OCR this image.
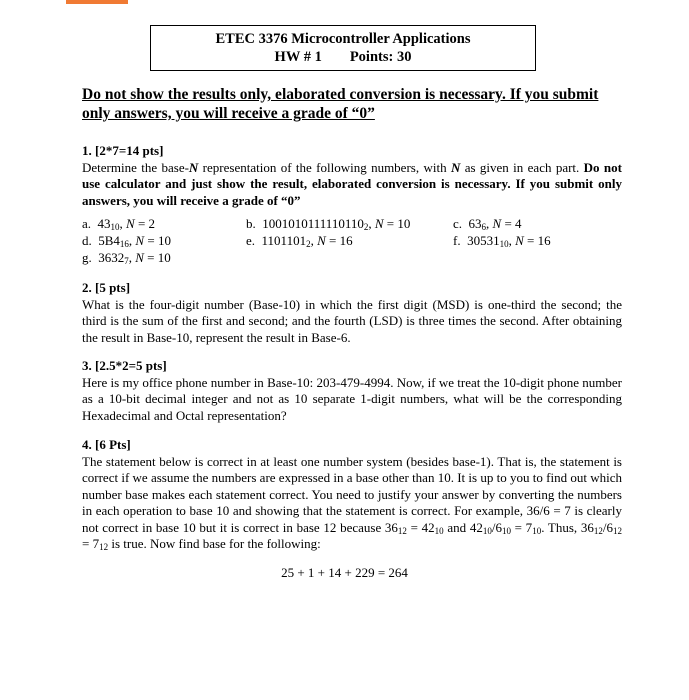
ETEC 3376 Microcontroller Applications
HW # 1 Points: 30
Do not show the results only, elaborated conversion is necessary. If you submit only answers, you will receive a grade of “0”
1. [2*7=14 pts]
Determine the base-N representation of the following numbers, with N as given in each part. Do not use calculator and just show the result, elaborated conversion is necessary. If you submit only answers, you will receive a grade of “0”
a. $43_{10}$, N = 2
d. $5B4_{16}$, N = 10
g. $3632_7$, N = 10
b. $1001010111110110_2$, N = 10
e. $1101101_2$, N = 16
c. $63_6$, N = 4
f. $30531_{10}$, N = 16
2. [5 pts]
What is the four-digit number (Base-10) in which the first digit (MSD) is one-third the second; the third is the sum of the first and second; and the fourth (LSD) is three times the second. After obtaining the result in Base-10, represent the result in Base-6.
3. [2.5*2=5 pts]
Here is my office phone number in Base-10: 203-479-4994. Now, if we treat the 10-digit phone number as a 10-bit decimal integer and not as 10 separate 1-digit numbers, what will be the corresponding Hexadecimal and Octal representation?
4. [6 Pts]
The statement below is correct in at least one number system (besides base-1). That is, the statement is correct if we assume the numbers are expressed in a base other than 10. It is up to you to find out which number base makes each statement correct. You need to justify your answer by converting the numbers in each operation to base 10 and showing that the statement is correct. For example, 36/6 = 7 is clearly not correct in base 10 but it is correct in base 12 because $36_{12} = 42_{10}$ and $42_{10}/6_{10} = 7_{10}$. Thus, $36_{12}/6_{12} = 7_{12}$ is true. Now find base for the following:
25 + 1 + 14 + 229 = 264
